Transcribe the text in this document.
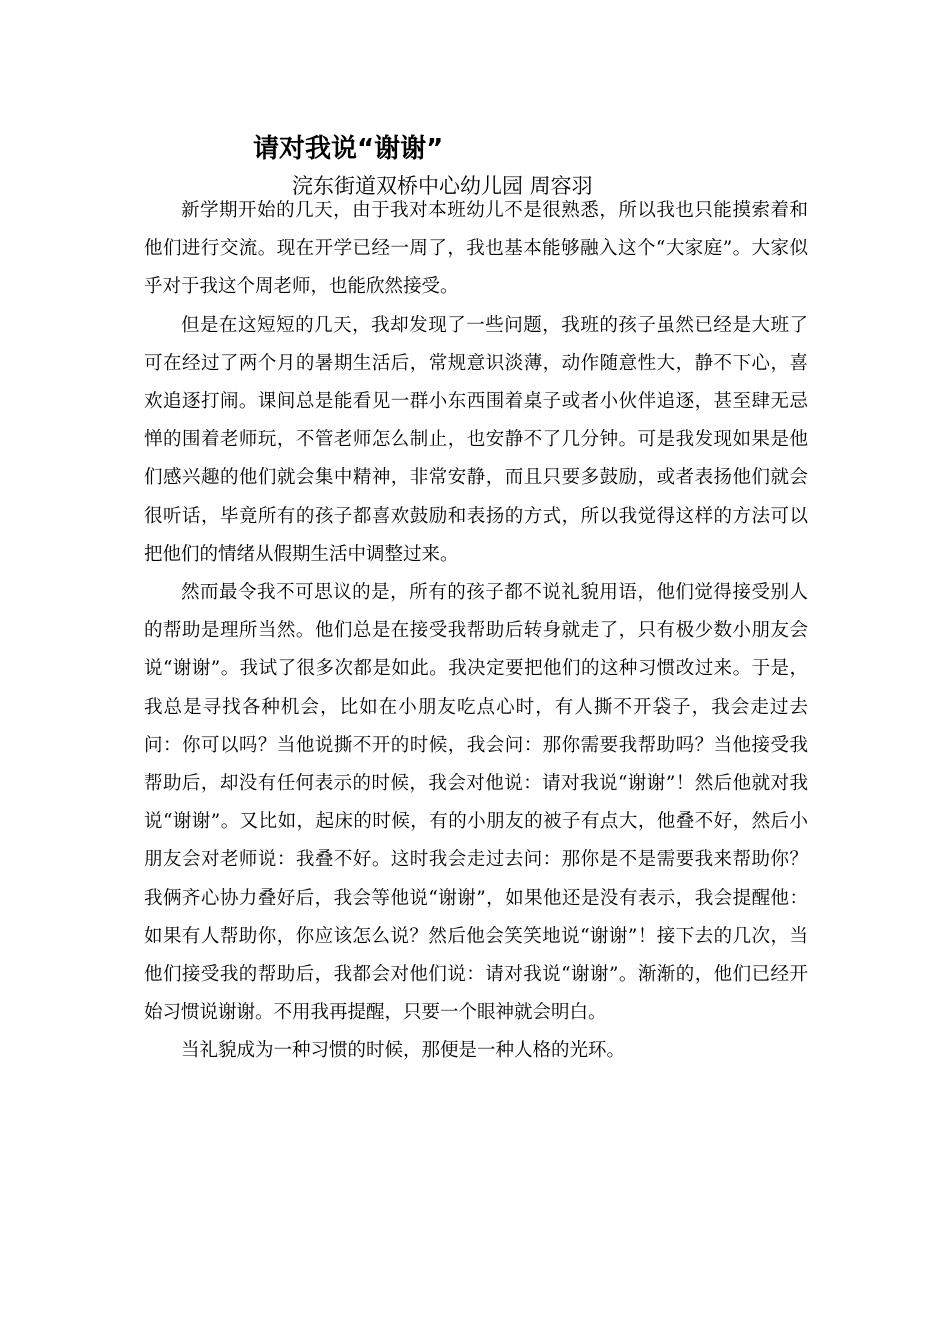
请对我说“谢谢”

浣东街道双桥中心幼儿园 周容羽

新学期开始的几天，由于我对本班幼儿不是很熟悉，所以我也只能摸索着和他们进行交流。现在开学已经一周了，我也基本能够融入这个“大家庭”。大家似乎对于我这个周老师，也能欣然接受。

但是在这短短的几天，我却发现了一些问题，我班的孩子虽然已经是大班了可在经过了两个月的暑期生活后，常规意识淡薄，动作随意性大，静不下心，喜欢追逐打闹。课间总是能看见一群小东西围着桌子或者小伙伴追逐，甚至肆无忌惮的围着老师玩，不管老师怎么制止，也安静不了几分钟。可是我发现如果是他们感兴趣的他们就会集中精神，非常安静，而且只要多鼓励，或者表扬他们就会很听话，毕竟所有的孩子都喜欢鼓励和表扬的方式，所以我觉得这样的方法可以把他们的情绪从假期生活中调整过来。

然而最令我不可思议的是，所有的孩子都不说礼貌用语，他们觉得接受别人的帮助是理所当然。他们总是在接受我帮助后转身就走了，只有极少数小朋友会说“谢谢”。我试了很多次都是如此。我决定要把他们的这种习惯改过来。于是，我总是寻找各种机会，比如在小朋友吃点心时，有人撕不开袋子，我会走过去问：你可以吗？当他说撕不开的时候，我会问：那你需要我帮助吗？当他接受我帮助后，却没有任何表示的时候，我会对他说：请对我说“谢谢”！然后他就对我说“谢谢”。又比如，起床的时候，有的小朋友的被子有点大，他叠不好，然后小朋友会对老师说：我叠不好。这时我会走过去问：那你是不是需要我来帮助你？我俩齐心协力叠好后，我会等他说“谢谢”，如果他还是没有表示，我会提醒他：如果有人帮助你，你应该怎么说？然后他会笑笑地说“谢谢”！接下去的几次，当他们接受我的帮助后，我都会对他们说：请对我说“谢谢”。渐渐的，他们已经开始习惯说谢谢。不用我再提醒，只要一个眼神就会明白。

当礼貌成为一种习惯的时候，那便是一种人格的光环。
